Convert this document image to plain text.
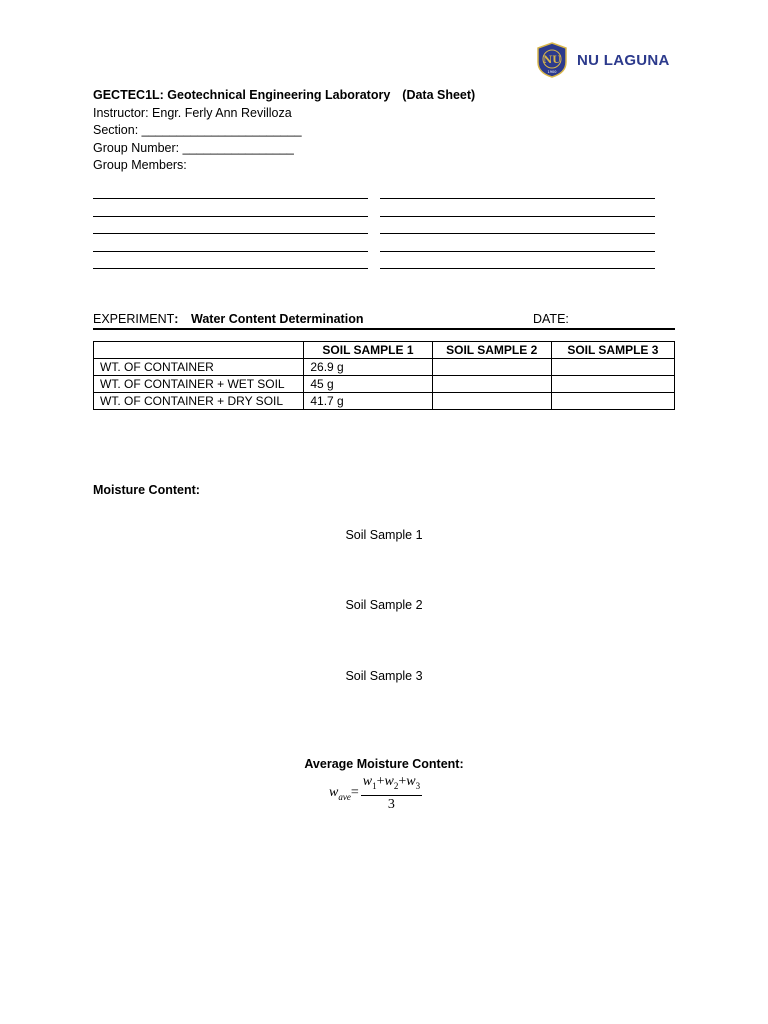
NU
1900
NU LAGUNA
GECTEC1L: Geotechnical Engineering Laboratory (Data Sheet)
Instructor: Engr. Ferly Ann Revilloza
Section: _______________________
Group Number: ________________
Group Members:
EXPERIMENT: Water Content Determination	DATE:
	SOIL SAMPLE 1	SOIL SAMPLE 2	SOIL SAMPLE 3
WT. OF CONTAINER	26.9 g		
WT. OF CONTAINER + WET SOIL	45 g		
WT. OF CONTAINER + DRY SOIL	41.7 g		
Moisture Content:
Soil Sample 1
Soil Sample 2
Soil Sample 3
Average Moisture Content:
$w_{ave} = \frac{w_1+w_2+w_3}{3}$
